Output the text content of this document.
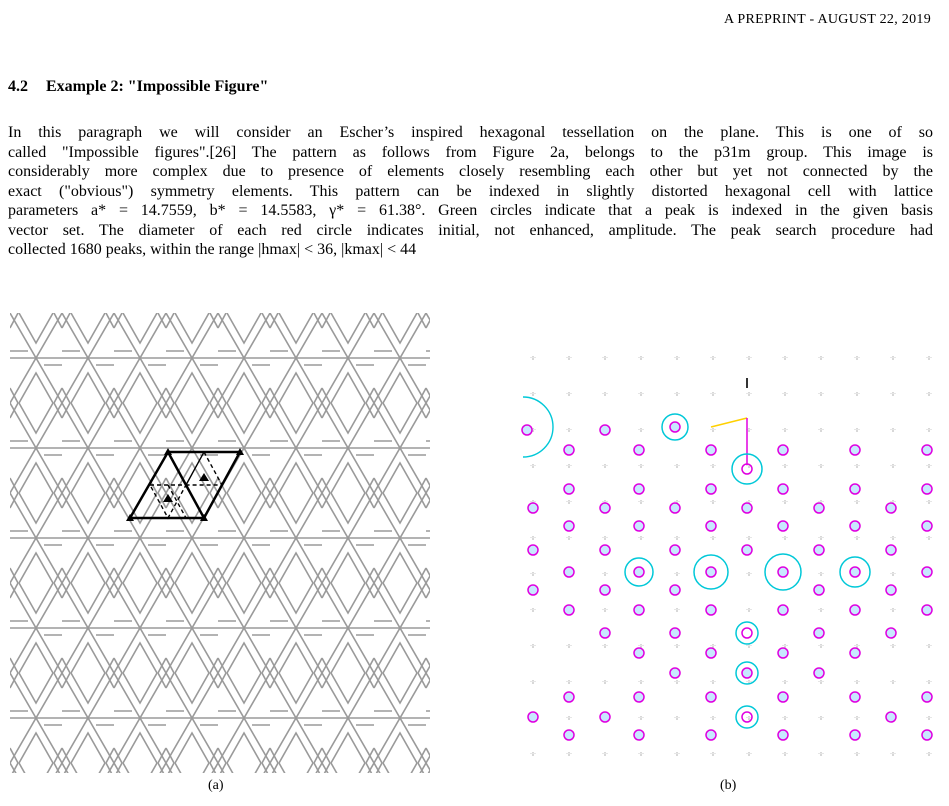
A PREPRINT - AUGUST 22, 2019
4.2 Example 2: "Impossible Figure"
In this paragraph we will consider an Escher’s inspired hexagonal tessellation on the plane. This is one of so
called "Impossible figures".[26] The pattern as follows from Figure 2a, belongs to the p31m group. This image is
considerably more complex due to presence of elements closely resembling each other but yet not connected by the
exact ("obvious") symmetry elements. This pattern can be indexed in slightly distorted hexagonal cell with lattice
parameters a* = 14.7559, b* = 14.5583, γ* = 61.38°. Green circles indicate that a peak is indexed in the given basis
vector set. The diameter of each red circle indicates initial, not enhanced, amplitude. The peak search procedure had
collected 1680 peaks, within the range |hmax| < 36, |kmax| < 44
(a)	(b)
